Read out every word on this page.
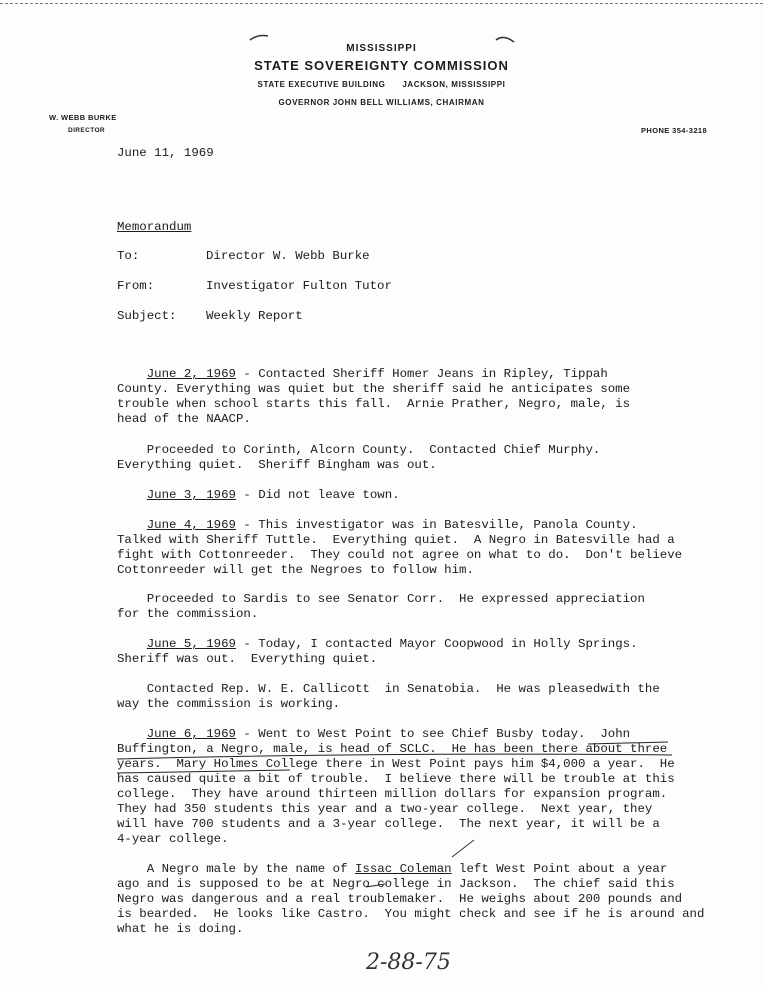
MISSISSIPPI
STATE SOVEREIGNTY COMMISSION
STATE EXECUTIVE BUILDING JACKSON, MISSISSIPPI
GOVERNOR JOHN BELL WILLIAMS, CHAIRMAN
W. WEBB BURKE
DIRECTOR	PHONE 354-3218
June 11, 1969
Memorandum
To:	Director W. Webb Burke
From:	Investigator Fulton Tutor
Subject: Weekly Report
June 2, 1969 - Contacted Sheriff Homer Jeans in Ripley, Tippah
County. Everything was quiet but the sheriff said he anticipates some
trouble when school starts this fall.  Arnie Prather, Negro, male, is
head of the NAACP.
Proceeded to Corinth, Alcorn County.  Contacted Chief Murphy.
Everything quiet.  Sheriff Bingham was out.
June 3, 1969 - Did not leave town.
June 4, 1969 - This investigator was in Batesville, Panola County.
Talked with Sheriff Tuttle.  Everything quiet.  A Negro in Batesville had a
fight with Cottonreeder.  They could not agree on what to do.  Don't believe
Cottonreeder will get the Negroes to follow him.
Proceeded to Sardis to see Senator Corr.  He expressed appreciation
for the commission.
June 5, 1969 - Today, I contacted Mayor Coopwood in Holly Springs.
Sheriff was out.  Everything quiet.
Contacted Rep. W. E. Callicott  in Senatobia.  He was pleasedwith the
way the commission is working.
June 6, 1969 - Went to West Point to see Chief Busby today.  John
Buffington, a Negro, male, is head of SCLC.  He has been there about three
years.  Mary Holmes College there in West Point pays him $4,000 a year.  He
has caused quite a bit of trouble.  I believe there will be trouble at this
college.  They have around thirteen million dollars for expansion program.
They had 350 students this year and a two-year college.  Next year, they
will have 700 students and a 3-year college.  The next year, it will be a
4-year college.
A Negro male by the name of Issac Coleman left West Point about a year
ago and is supposed to be at Negro college in Jackson.  The chief said this
Negro was dangerous and a real troublemaker.  He weighs about 200 pounds and
is bearded.  He looks like Castro.  You might check and see if he is around and
what he is doing.
2-88-75
